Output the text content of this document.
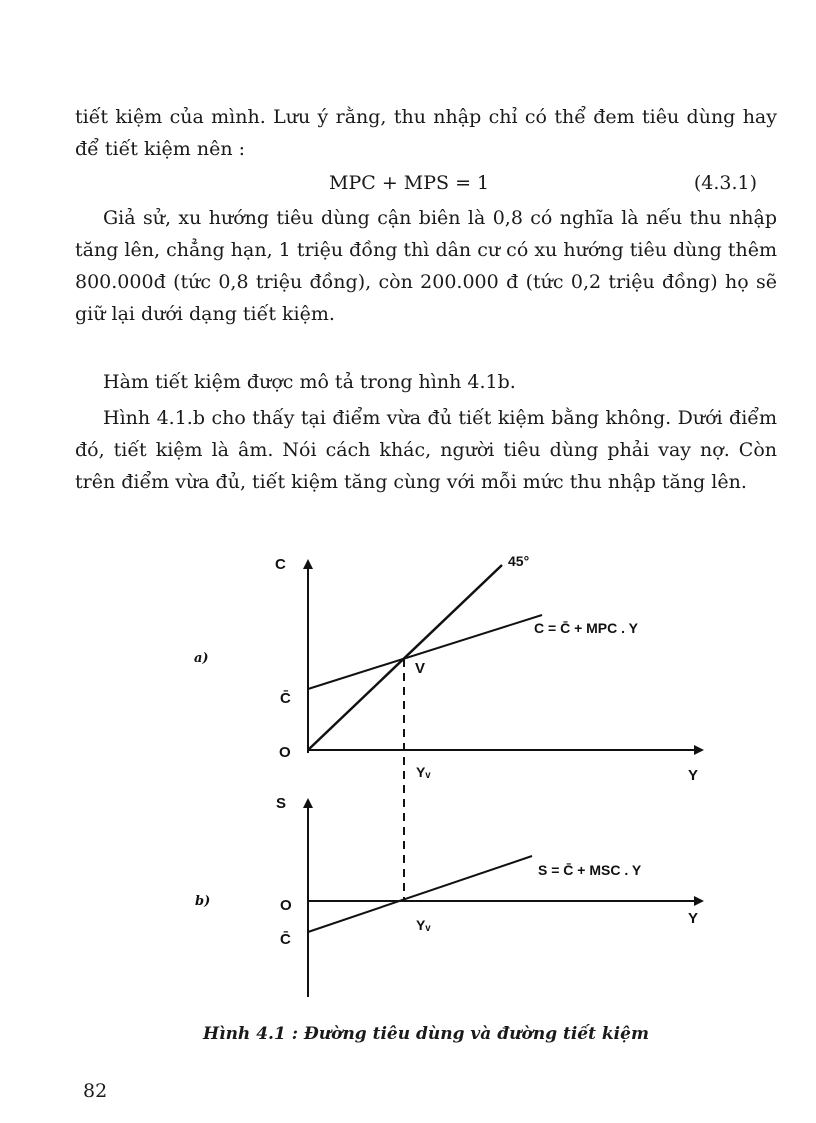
tiết kiệm của mình. Lưu ý rằng, thu nhập chỉ có thể đem tiêu dùng hay để tiết kiệm nên :

MPC + MPS = 1	(4.3.1)

Giả sử, xu hướng tiêu dùng cận biên là 0,8 có nghĩa là nếu thu nhập tăng lên, chẳng hạn, 1 triệu đồng thì dân cư có xu hướng tiêu dùng thêm 800.000đ (tức 0,8 triệu đồng), còn 200.000 đ (tức 0,2 triệu đồng) họ sẽ giữ lại dưới dạng tiết kiệm.

Hàm tiết kiệm được mô tả trong hình 4.1b.

Hình 4.1.b cho thấy tại điểm vừa đủ tiết kiệm bằng không. Dưới điểm đó, tiết kiệm là âm. Nói cách khác, người tiêu dùng phải vay nợ. Còn trên điểm vừa đủ, tiết kiệm tăng cùng với mỗi mức thu nhập tăng lên.

a)
C	45°
C = C̄ + MPC . Y
V
C̄
O
Yᵥ	Y
S
S = C̄ + MSC . Y
b)	O
C̄
Yᵥ	Y
Hình 4.1 : Đường tiêu dùng và đường tiết kiệm
82
